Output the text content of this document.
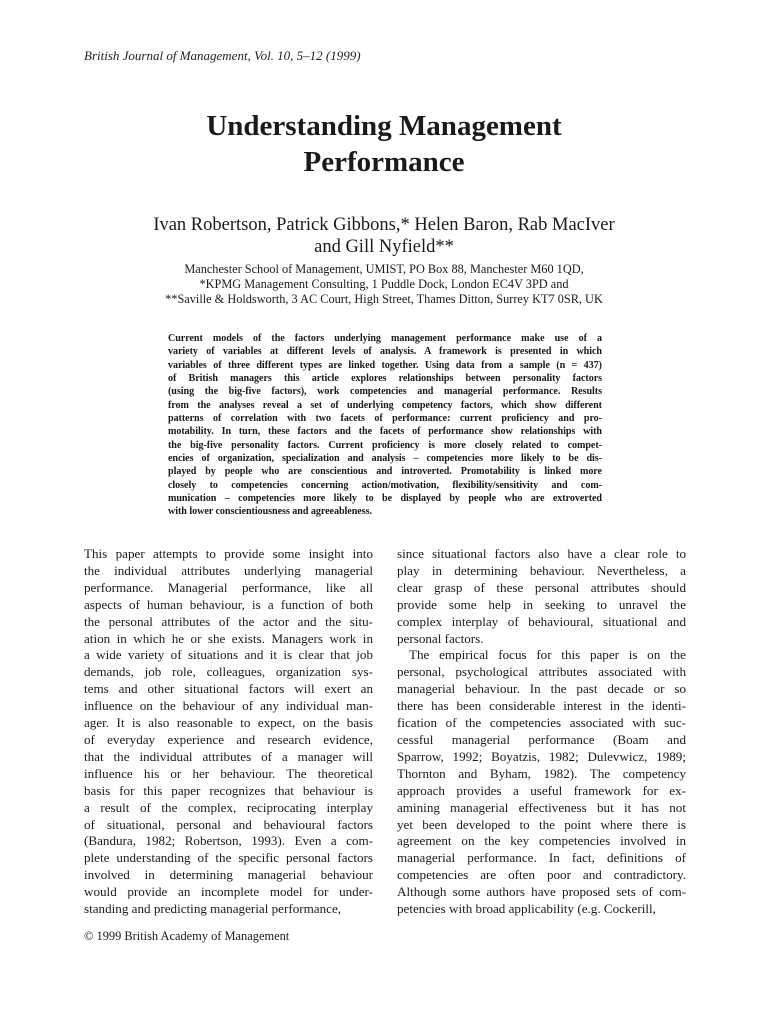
British Journal of Management, Vol. 10, 5–12 (1999)
Understanding Management
Performance
Ivan Robertson, Patrick Gibbons,* Helen Baron, Rab MacIver
and Gill Nyfield**
Manchester School of Management, UMIST, PO Box 88, Manchester M60 1QD,
*KPMG Management Consulting, 1 Puddle Dock, London EC4V 3PD and
**Saville & Holdsworth, 3 AC Court, High Street, Thames Ditton, Surrey KT7 0SR, UK
Current models of the factors underlying management performance make use of a
variety of variables at different levels of analysis. A framework is presented in which
variables of three different types are linked together. Using data from a sample (n = 437)
of British managers this article explores relationships between personality factors
(using the big-five factors), work competencies and managerial performance. Results
from the analyses reveal a set of underlying competency factors, which show different
patterns of correlation with two facets of performance: current proficiency and pro-
motability. In turn, these factors and the facets of performance show relationships with
the big-five personality factors. Current proficiency is more closely related to compet-
encies of organization, specialization and analysis – competencies more likely to be dis-
played by people who are conscientious and introverted. Promotability is linked more
closely to competencies concerning action/motivation, flexibility/sensitivity and com-
munication – competencies more likely to be displayed by people who are extroverted
with lower conscientiousness and agreeableness.
This paper attempts to provide some insight into
the individual attributes underlying managerial
performance. Managerial performance, like all
aspects of human behaviour, is a function of both
the personal attributes of the actor and the situ-
ation in which he or she exists. Managers work in
a wide variety of situations and it is clear that job
demands, job role, colleagues, organization sys-
tems and other situational factors will exert an
influence on the behaviour of any individual man-
ager. It is also reasonable to expect, on the basis
of everyday experience and research evidence,
that the individual attributes of a manager will
influence his or her behaviour. The theoretical
basis for this paper recognizes that behaviour is
a result of the complex, reciprocating interplay
of situational, personal and behavioural factors
(Bandura, 1982; Robertson, 1993). Even a com-
plete understanding of the specific personal factors
involved in determining managerial behaviour
would provide an incomplete model for under-
standing and predicting managerial performance,
since situational factors also have a clear role to
play in determining behaviour. Nevertheless, a
clear grasp of these personal attributes should
provide some help in seeking to unravel the
complex interplay of behavioural, situational and
personal factors.
The empirical focus for this paper is on the
personal, psychological attributes associated with
managerial behaviour. In the past decade or so
there has been considerable interest in the identi-
fication of the competencies associated with suc-
cessful managerial performance (Boam and
Sparrow, 1992; Boyatzis, 1982; Dulevwicz, 1989;
Thornton and Byham, 1982). The competency
approach provides a useful framework for ex-
amining managerial effectiveness but it has not
yet been developed to the point where there is
agreement on the key competencies involved in
managerial performance. In fact, definitions of
competencies are often poor and contradictory.
Although some authors have proposed sets of com-
petencies with broad applicability (e.g. Cockerill,
© 1999 British Academy of Management
